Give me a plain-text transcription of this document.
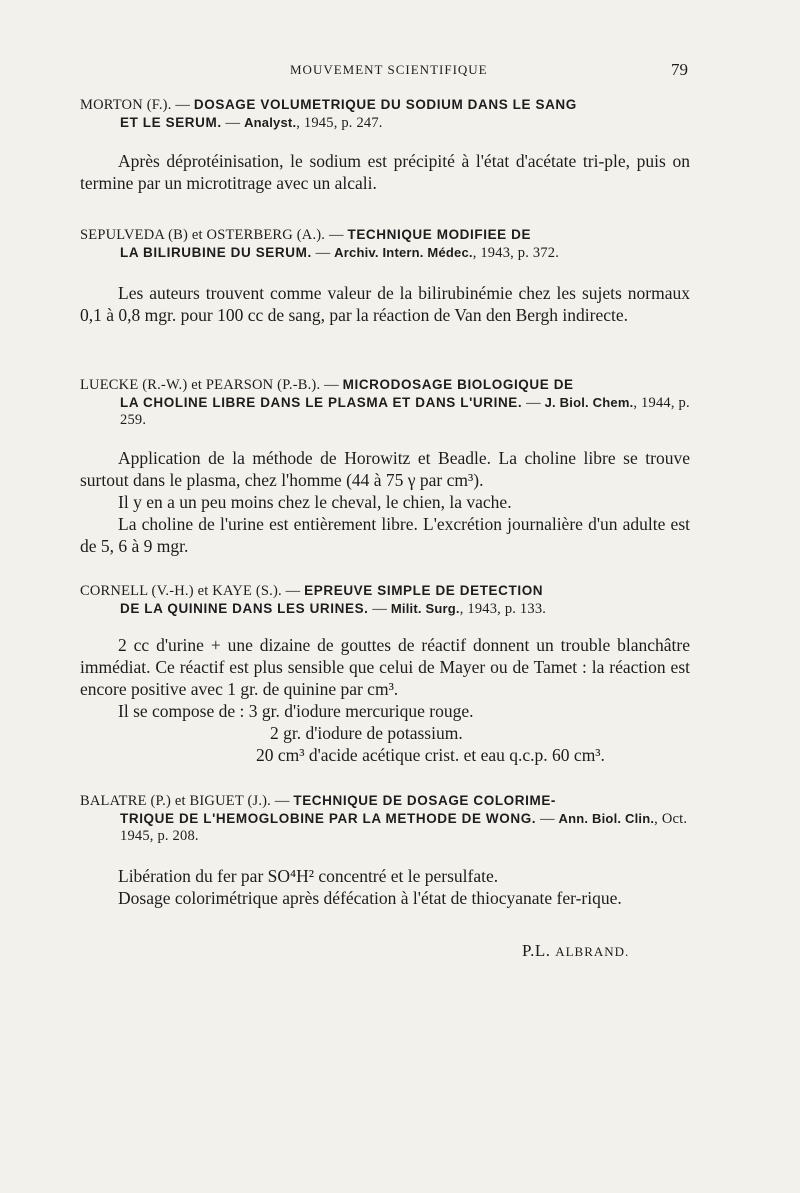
MOUVEMENT SCIENTIFIQUE	79
MORTON (F.). — DOSAGE VOLUMETRIQUE DU SODIUM DANS LE SANG
ET LE SERUM. — Analyst., 1945, p. 247.

Après déprotéinisation, le sodium est précipité à l'état d'acétate tri-ple, puis on termine par un microtitrage avec un alcali.

SEPULVEDA (B) et OSTERBERG (A.). — TECHNIQUE MODIFIEE DE
LA BILIRUBINE DU SERUM. — Archiv. Intern. Médec., 1943, p. 372.

Les auteurs trouvent comme valeur de la bilirubinémie chez les sujets normaux 0,1 à 0,8 mgr. pour 100 cc de sang, par la réaction de Van den Bergh indirecte.

LUECKE (R.-W.) et PEARSON (P.-B.). — MICRODOSAGE BIOLOGIQUE DE
LA CHOLINE LIBRE DANS LE PLASMA ET DANS L'URINE. — J. Biol. Chem., 1944, p. 259.

Application de la méthode de Horowitz et Beadle. La choline libre se trouve surtout dans le plasma, chez l'homme (44 à 75 γ par cm³).

Il y en a un peu moins chez le cheval, le chien, la vache.

La choline de l'urine est entièrement libre. L'excrétion journalière d'un adulte est de 5, 6 à 9 mgr.

CORNELL (V.-H.) et KAYE (S.). — EPREUVE SIMPLE DE DETECTION
DE LA QUININE DANS LES URINES. — Milit. Surg., 1943, p. 133.

2 cc d'urine + une dizaine de gouttes de réactif donnent un trouble blanchâtre immédiat. Ce réactif est plus sensible que celui de Mayer ou de Tamet : la réaction est encore positive avec 1 gr. de quinine par cm³.

Il se compose de : 3 gr. d'iodure mercurique rouge.

2 gr. d'iodure de potassium.

20 cm³ d'acide acétique crist. et eau q.c.p. 60 cm³.

BALATRE (P.) et BIGUET (J.). — TECHNIQUE DE DOSAGE COLORIME-
TRIQUE DE L'HEMOGLOBINE PAR LA METHODE DE WONG. — Ann. Biol. Clin., Oct. 1945, p. 208.

Libération du fer par SO⁴H² concentré et le persulfate.

Dosage colorimétrique après défécation à l'état de thiocyanate fer-rique.

P.L. ALBRAND.
